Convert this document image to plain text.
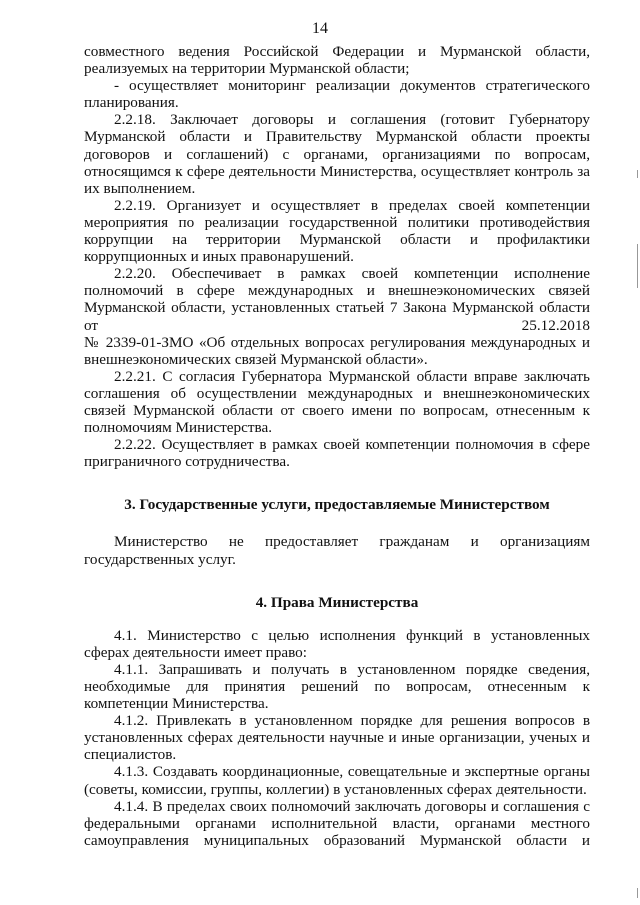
14

совместного ведения Российской Федерации и Мурманской области, реализуемых на территории Мурманской области;

- осуществляет мониторинг реализации документов стратегического планирования.

2.2.18. Заключает договоры и соглашения (готовит Губернатору Мурманской области и Правительству Мурманской области проекты договоров и соглашений) с органами, организациями по вопросам, относящимся к сфере деятельности Министерства, осуществляет контроль за их выполнением.

2.2.19. Организует и осуществляет в пределах своей компетенции мероприятия по реализации государственной политики противодействия коррупции на территории Мурманской области и профилактики коррупционных и иных правонарушений.

2.2.20. Обеспечивает в рамках своей компетенции исполнение полномочий в сфере международных и внешнеэкономических связей Мурманской области, установленных статьей 7 Закона Мурманской области

от	25.12.2018

№ 2339-01-ЗМО «Об отдельных вопросах регулирования международных и внешнеэкономических связей Мурманской области».

2.2.21. С согласия Губернатора Мурманской области вправе заключать соглашения об осуществлении международных и внешнеэкономических связей Мурманской области от своего имени по вопросам, отнесенным к полномочиям Министерства.

2.2.22. Осуществляет в рамках своей компетенции полномочия в сфере приграничного сотрудничества.

3. Государственные услуги, предоставляемые Министерством

Министерство не предоставляет гражданам и организациям государственных услуг.

4. Права Министерства

4.1. Министерство с целью исполнения функций в установленных сферах деятельности имеет право:

4.1.1. Запрашивать и получать в установленном порядке сведения, необходимые для принятия решений по вопросам, отнесенным к компетенции Министерства.

4.1.2. Привлекать в установленном порядке для решения вопросов в установленных сферах деятельности научные и иные организации, ученых и специалистов.

4.1.3. Создавать координационные, совещательные и экспертные органы (советы, комиссии, группы, коллегии) в установленных сферах деятельности.

4.1.4. В пределах своих полномочий заключать договоры и соглашения с федеральными органами исполнительной власти, органами местного самоуправления муниципальных образований Мурманской области и
